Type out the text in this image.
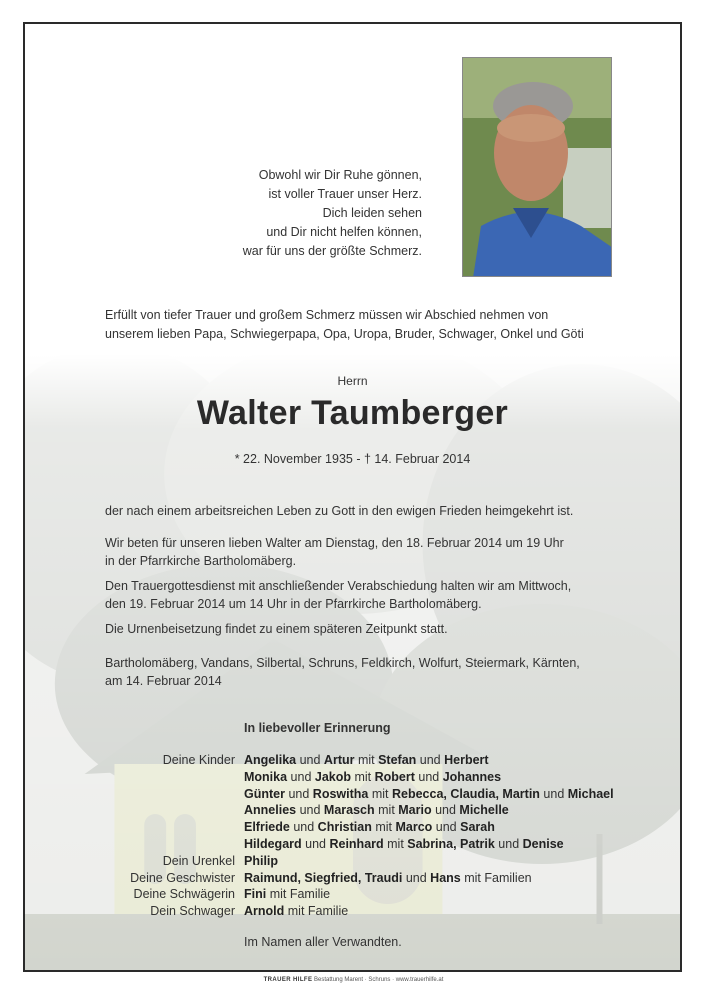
Obwohl wir Dir Ruhe gönnen,
ist voller Trauer unser Herz.
Dich leiden sehen
und Dir nicht helfen können,
war für uns der größte Schmerz.
Erfüllt von tiefer Trauer und großem Schmerz müssen wir Abschied nehmen von
unserem lieben Papa, Schwiegerpapa, Opa, Uropa, Bruder, Schwager, Onkel und Göti
Herrn
Walter Taumberger
* 22. November 1935 - † 14. Februar 2014
der nach einem arbeitsreichen Leben zu Gott in den ewigen Frieden heimgekehrt ist.
Wir beten für unseren lieben Walter am Dienstag, den 18. Februar 2014 um 19 Uhr
in der Pfarrkirche Bartholomäberg.
Den Trauergottesdienst mit anschließender Verabschiedung halten wir am Mittwoch,
den 19. Februar 2014 um 14 Uhr in der Pfarrkirche Bartholomäberg.
Die Urnenbeisetzung findet zu einem späteren Zeitpunkt statt.
Bartholomäberg, Vandans, Silbertal, Schruns, Feldkirch, Wolfurt, Steiermark, Kärnten,
am 14. Februar 2014
In liebevoller Erinnerung
Deine Kinder Angelika und Artur mit Stefan und Herbert
Monika und Jakob mit Robert und Johannes
Günter und Roswitha mit Rebecca, Claudia, Martin und Michael
Annelies und Marasch mit Mario und Michelle
Elfriede und Christian mit Marco und Sarah
Hildegard und Reinhard mit Sabrina, Patrik und Denise
Dein Urenkel Philip
Deine Geschwister Raimund, Siegfried, Traudi und Hans mit Familien
Deine Schwägerin Fini mit Familie
Dein Schwager Arnold mit Familie
Im Namen aller Verwandten.
TRAUER HILFE Bestattung Marent · Schruns · www.trauerhilfe.at
